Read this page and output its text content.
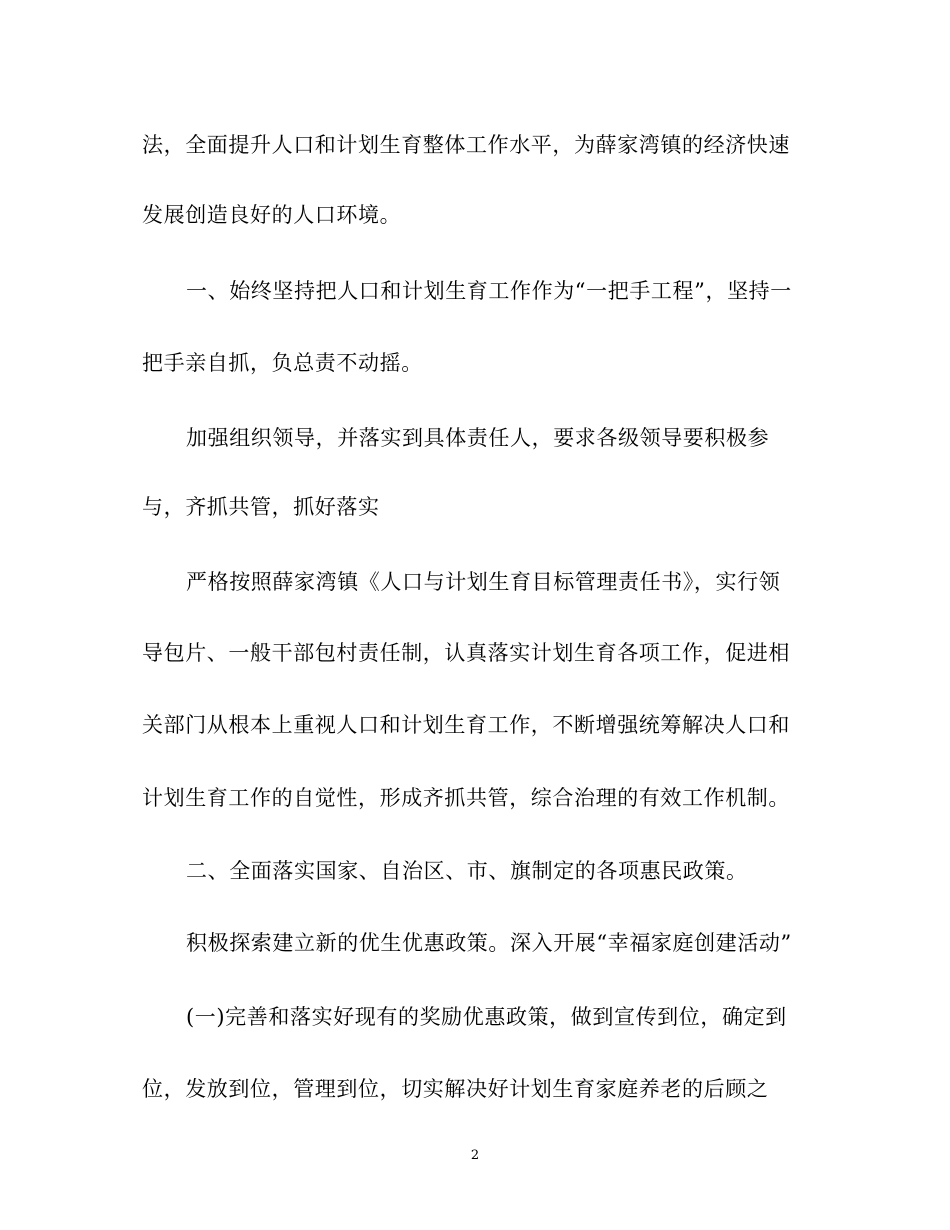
法，全面提升人口和计划生育整体工作水平，为薛家湾镇的经济快速
发展创造良好的人口环境。
一、始终坚持把人口和计划生育工作作为“一把手工程”，坚持一
把手亲自抓，负总责不动摇。
加强组织领导，并落实到具体责任人，要求各级领导要积极参
与，齐抓共管，抓好落实
严格按照薛家湾镇《人口与计划生育目标管理责任书》，实行领
导包片、一般干部包村责任制，认真落实计划生育各项工作，促进相
关部门从根本上重视人口和计划生育工作，不断增强统筹解决人口和
计划生育工作的自觉性，形成齐抓共管，综合治理的有效工作机制。
二、全面落实国家、自治区、市、旗制定的各项惠民政策。
积极探索建立新的优生优惠政策。深入开展“幸福家庭创建活动”
(一)完善和落实好现有的奖励优惠政策，做到宣传到位，确定到
位，发放到位，管理到位，切实解决好计划生育家庭养老的后顾之
2
